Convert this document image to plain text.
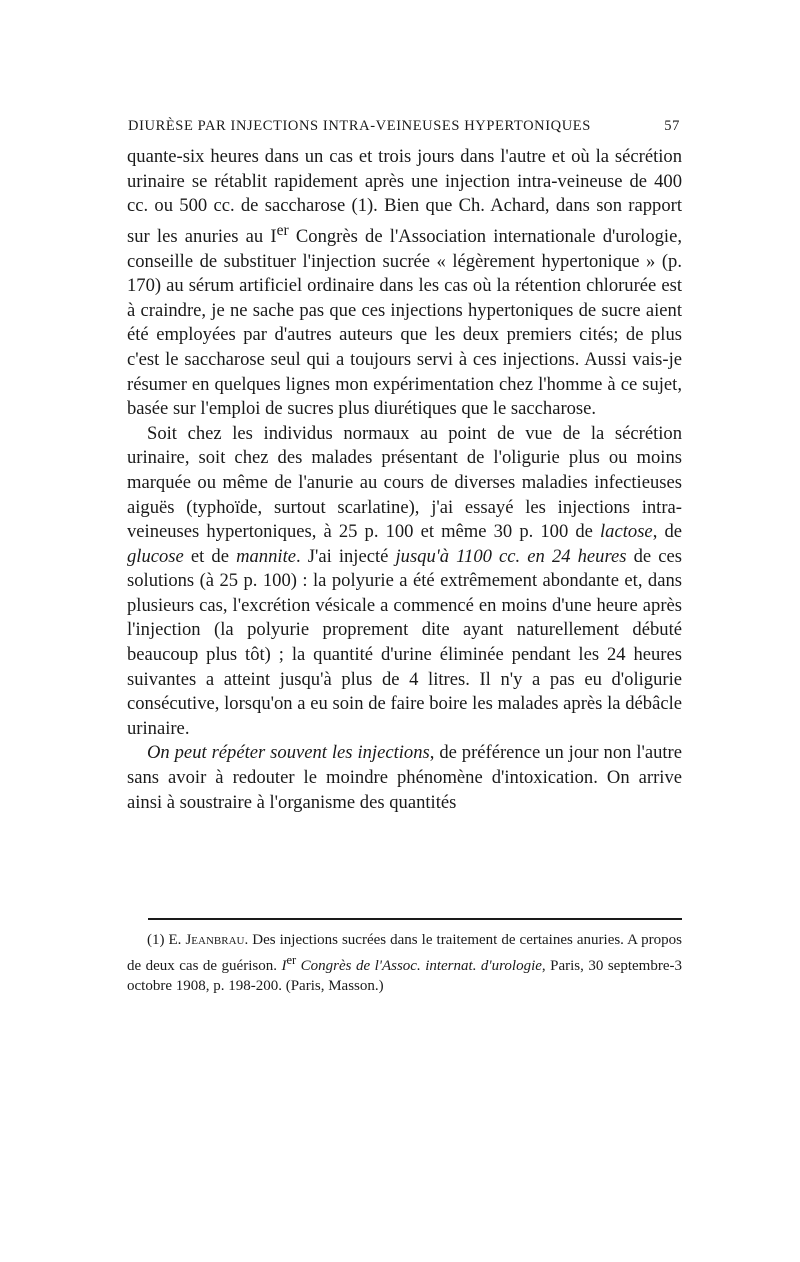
DIURÈSE PAR INJECTIONS INTRA-VEINEUSES HYPERTONIQUES	57

quante-six heures dans un cas et trois jours dans l'autre et où la sécrétion urinaire se rétablit rapidement après une injection intra-veineuse de 400 cc. ou 500 cc. de saccharose (1). Bien que Ch. Achard, dans son rapport sur les anuries au Ier Congrès de l'Association internationale d'urologie, conseille de substituer l'injection sucrée « légèrement hypertonique » (p. 170) au sérum artificiel ordinaire dans les cas où la rétention chlorurée est à craindre, je ne sache pas que ces injections hypertoniques de sucre aient été employées par d'autres auteurs que les deux premiers cités; de plus c'est le saccharose seul qui a toujours servi à ces injections. Aussi vais-je résumer en quelques lignes mon expérimentation chez l'homme à ce sujet, basée sur l'emploi de sucres plus diurétiques que le saccharose.

Soit chez les individus normaux au point de vue de la sécrétion urinaire, soit chez des malades présentant de l'oligurie plus ou moins marquée ou même de l'anurie au cours de diverses maladies infectieuses aiguës (typhoïde, surtout scarlatine), j'ai essayé les injections intra-veineuses hypertoniques, à 25 p. 100 et même 30 p. 100 de lactose, de glucose et de mannite. J'ai injecté jusqu'à 1100 cc. en 24 heures de ces solutions (à 25 p. 100) : la polyurie a été extrêmement abondante et, dans plusieurs cas, l'excrétion vésicale a commencé en moins d'une heure après l'injection (la polyurie proprement dite ayant naturellement débuté beaucoup plus tôt) ; la quantité d'urine éliminée pendant les 24 heures suivantes a atteint jusqu'à plus de 4 litres. Il n'y a pas eu d'oligurie consécutive, lorsqu'on a eu soin de faire boire les malades après la débâcle urinaire.

On peut répéter souvent les injections, de préférence un jour non l'autre sans avoir à redouter le moindre phénomène d'intoxication. On arrive ainsi à soustraire à l'organisme des quantités

(1) E. Jeanbrau. Des injections sucrées dans le traitement de certaines anuries. A propos de deux cas de guérison. Ier Congrès de l'Assoc. internat. d'urologie, Paris, 30 septembre-3 octobre 1908, p. 198-200. (Paris, Masson.)
